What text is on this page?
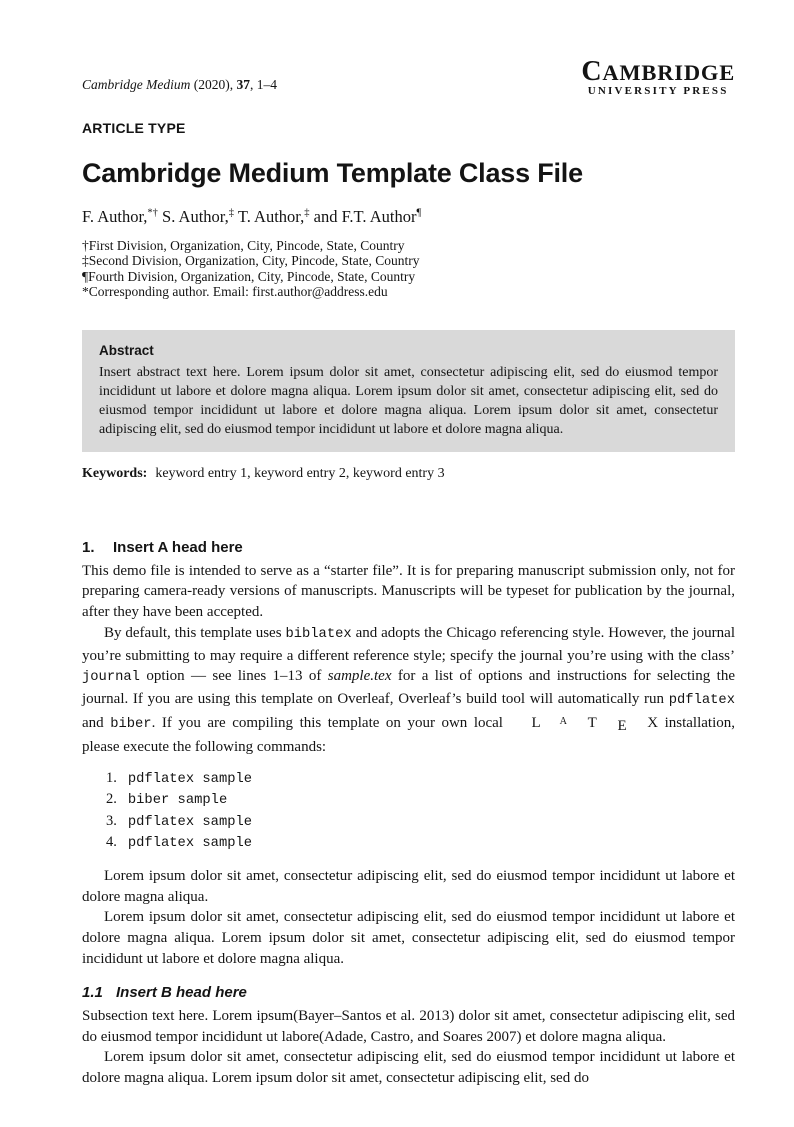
Cambridge Medium (2020), 37, 1–4	CAMBRIDGE
UNIVERSITY PRESS
ARTICLE TYPE
Cambridge Medium Template Class File

F. Author,*† S. Author,‡ T. Author,‡ and F.T. Author¶

†First Division, Organization, City, Pincode, State, Country
‡Second Division, Organization, City, Pincode, State, Country
¶Fourth Division, Organization, City, Pincode, State, Country
*Corresponding author. Email: first.author@address.edu
Abstract

Insert abstract text here. Lorem ipsum dolor sit amet, consectetur adipiscing elit, sed do eiusmod tempor incididunt ut labore et dolore magna aliqua. Lorem ipsum dolor sit amet, consectetur adipiscing elit, sed do eiusmod tempor incididunt ut labore et dolore magna aliqua. Lorem ipsum dolor sit amet, consectetur adipiscing elit, sed do eiusmod tempor incididunt ut labore et dolore magna aliqua.

Keywords: keyword entry 1, keyword entry 2, keyword entry 3

1. Insert A head here

This demo file is intended to serve as a “starter file”. It is for preparing manuscript submission only, not for preparing camera-ready versions of manuscripts. Manuscripts will be typeset for publication by the journal, after they have been accepted.

By default, this template uses biblatex and adopts the Chicago referencing style. However, the journal you’re submitting to may require a different reference style; specify the journal you’re using with the class’ journal option — see lines 1–13 of sample.tex for a list of options and instructions for selecting the journal. If you are using this template on Overleaf, Overleaf’s build tool will automatically run pdflatex and biber. If you are compiling this template on your own local L A T E X installation, please execute the following commands:

1. pdflatex sample
2. biber sample
3. pdflatex sample
4. pdflatex sample

Lorem ipsum dolor sit amet, consectetur adipiscing elit, sed do eiusmod tempor incididunt ut labore et dolore magna aliqua.

Lorem ipsum dolor sit amet, consectetur adipiscing elit, sed do eiusmod tempor incididunt ut labore et dolore magna aliqua. Lorem ipsum dolor sit amet, consectetur adipiscing elit, sed do eiusmod tempor incididunt ut labore et dolore magna aliqua.

1.1 Insert B head here

Subsection text here. Lorem ipsum(Bayer–Santos et al. 2013) dolor sit amet, consectetur adipiscing elit, sed do eiusmod tempor incididunt ut labore(Adade, Castro, and Soares 2007) et dolore magna aliqua.

Lorem ipsum dolor sit amet, consectetur adipiscing elit, sed do eiusmod tempor incididunt ut labore et dolore magna aliqua. Lorem ipsum dolor sit amet, consectetur adipiscing elit, sed do
